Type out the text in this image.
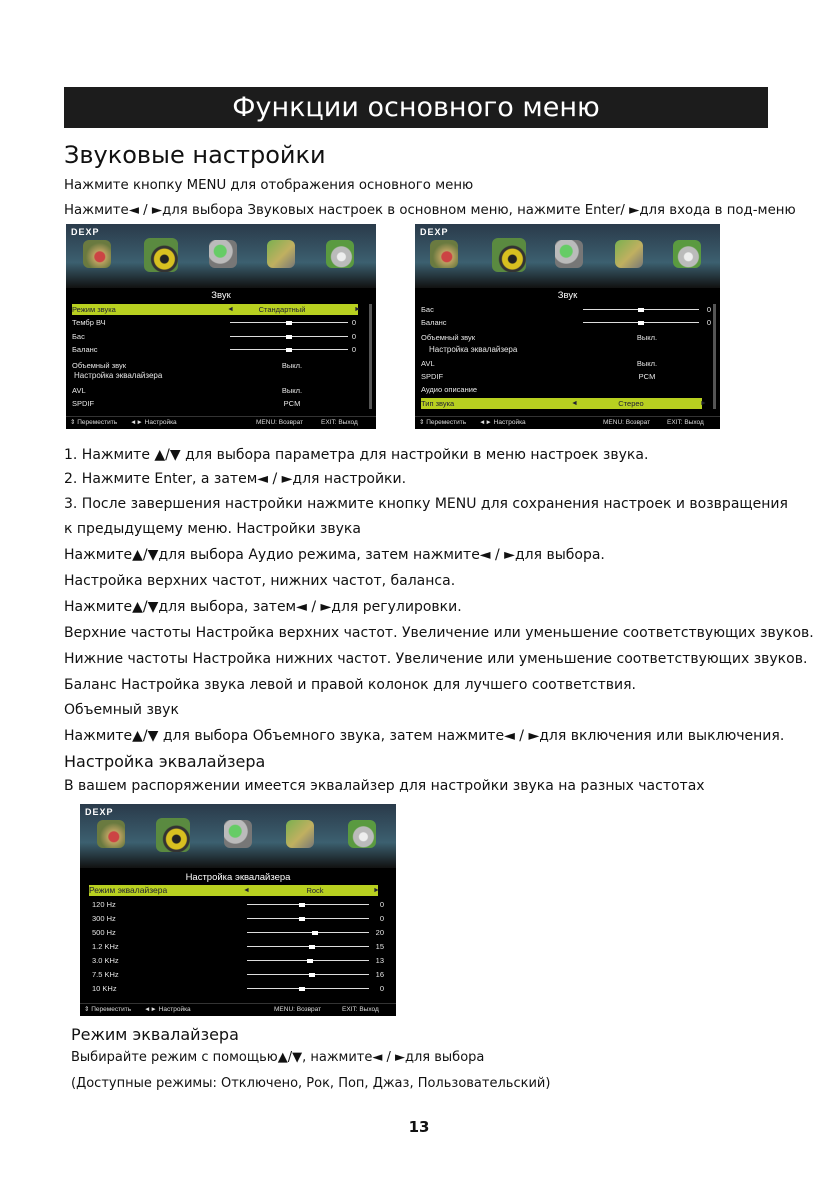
Функции основного меню
Звуковые настройки
Нажмите кнопку MENU для отображения основного меню
Нажмите◄ / ►для выбора Звуковых настроек в основном меню, нажмите Enter/ ►для входа в под-меню
DEXP
Звук
Режим звука	◄	Стандартный	►
Тембр ВЧ	0
Бас	0
Баланс	0
Объемный звук	Выкл.
Настройка эквалайзера
AVL	Выкл.
SPDIF	PCM
⇕ Переместить ◄► Настройка	MENU: Возврат	EXIT: Выход
DEXP
Звук
Бас	0
Баланс	0
Объемный звук	Выкл.
Настройка эквалайзера
AVL	Выкл.
SPDIF	PCM
Аудио описание
Тип звука	◄	Стерео	►
⇕ Переместить ◄► Настройка	MENU: Возврат	EXIT: Выход
1. Нажмите ▲/▼ для выбора параметра для настройки в меню настроек звука.
2. Нажмите Enter, а затем◄ / ►для настройки.
3. После завершения настройки нажмите кнопку MENU для сохранения настроек и возвращения
к предыдущему меню. Настройки звука
Нажмите▲/▼для выбора Аудио режима, затем нажмите◄ / ►для выбора.
Настройка верхних частот, нижних частот, баланса.
Нажмите▲/▼для выбора, затем◄ / ►для регулировки.
Верхние частоты Настройка верхних частот. Увеличение или уменьшение соответствующих звуков.
Нижние частоты Настройка нижних частот. Увеличение или уменьшение соответствующих звуков.
Баланс Настройка звука левой и правой колонок для лучшего соответствия.
Объемный звук
Нажмите▲/▼ для выбора Объемного звука, затем нажмите◄ / ►для включения или выключения.
Настройка эквалайзера
В вашем распоряжении имеется эквалайзер для настройки звука на разных частотах
DEXP
Настройка эквалайзера
Режим эквалайзера	◄	Rock	►
120 Hz	0
300 Hz	0
500 Hz	20
1.2 KHz	15
3.0 KHz	13
7.5 KHz	16
10 KHz	0
⇕ Переместить ◄► Настройка	MENU: Возврат	EXIT: Выход
Режим эквалайзера
Выбирайте режим с помощью▲/▼, нажмите◄ / ►для выбора
(Доступные режимы: Отключено, Рок, Поп, Джаз, Пользовательский)
13
